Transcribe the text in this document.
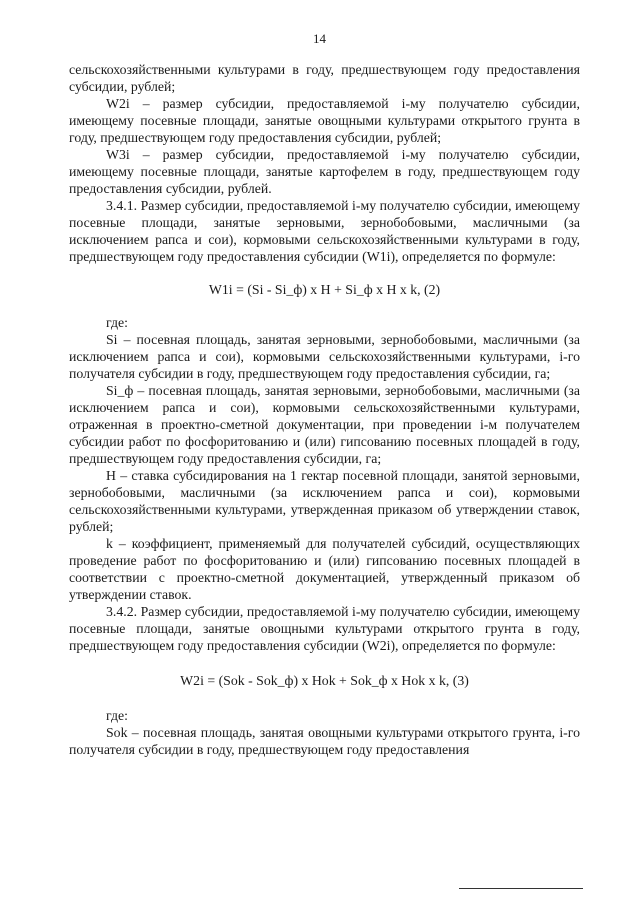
14

сельскохозяйственными культурами в году, предшествующем году предоставления субсидии, рублей;

W2i – размер субсидии, предоставляемой i-му получателю субсидии, имеющему посевные площади, занятые овощными культурами открытого грунта в году, предшествующем году предоставления субсидии, рублей;

W3i – размер субсидии, предоставляемой i-му получателю субсидии, имеющему посевные площади, занятые картофелем в году, предшествующем году предоставления субсидии, рублей.

3.4.1. Размер субсидии, предоставляемой i-му получателю субсидии, имеющему посевные площади, занятые зерновыми, зернобобовыми, масличными (за исключением рапса и сои), кормовыми сельскохозяйственными культурами в году, предшествующем году предоставления субсидии (W1i), определяется по формуле:

W1i = (Si - Si_ф) x H + Si_ф x H x k, (2)

где:

Si – посевная площадь, занятая зерновыми, зернобобовыми, масличными (за исключением рапса и сои), кормовыми сельскохозяйственными культурами, i-го получателя субсидии в году, предшествующем году предоставления субсидии, га;

Si_ф – посевная площадь, занятая зерновыми, зернобобовыми, масличными (за исключением рапса и сои), кормовыми сельскохозяйственными культурами, отраженная в проектно-сметной документации, при проведении i-м получателем субсидии работ по фосфоритованию и (или) гипсованию посевных площадей в году, предшествующем году предоставления субсидии, га;

Н – ставка субсидирования на 1 гектар посевной площади, занятой зерновыми, зернобобовыми, масличными (за исключением рапса и сои), кормовыми сельскохозяйственными культурами, утвержденная приказом об утверждении ставок, рублей;

k – коэффициент, применяемый для получателей субсидий, осуществляющих проведение работ по фосфоритованию и (или) гипсованию посевных площадей в соответствии с проектно-сметной документацией, утвержденный приказом об утверждении ставок.

3.4.2. Размер субсидии, предоставляемой i-му получателю субсидии, имеющему посевные площади, занятые овощными культурами открытого грунта в году, предшествующем году предоставления субсидии (W2i), определяется по формуле:

W2i = (Sok - Sok_ф) x Hok + Sok_ф x Hok x k, (3)

где:

Sok – посевная площадь, занятая овощными культурами открытого грунта, i-го получателя субсидии в году, предшествующем году предоставления
